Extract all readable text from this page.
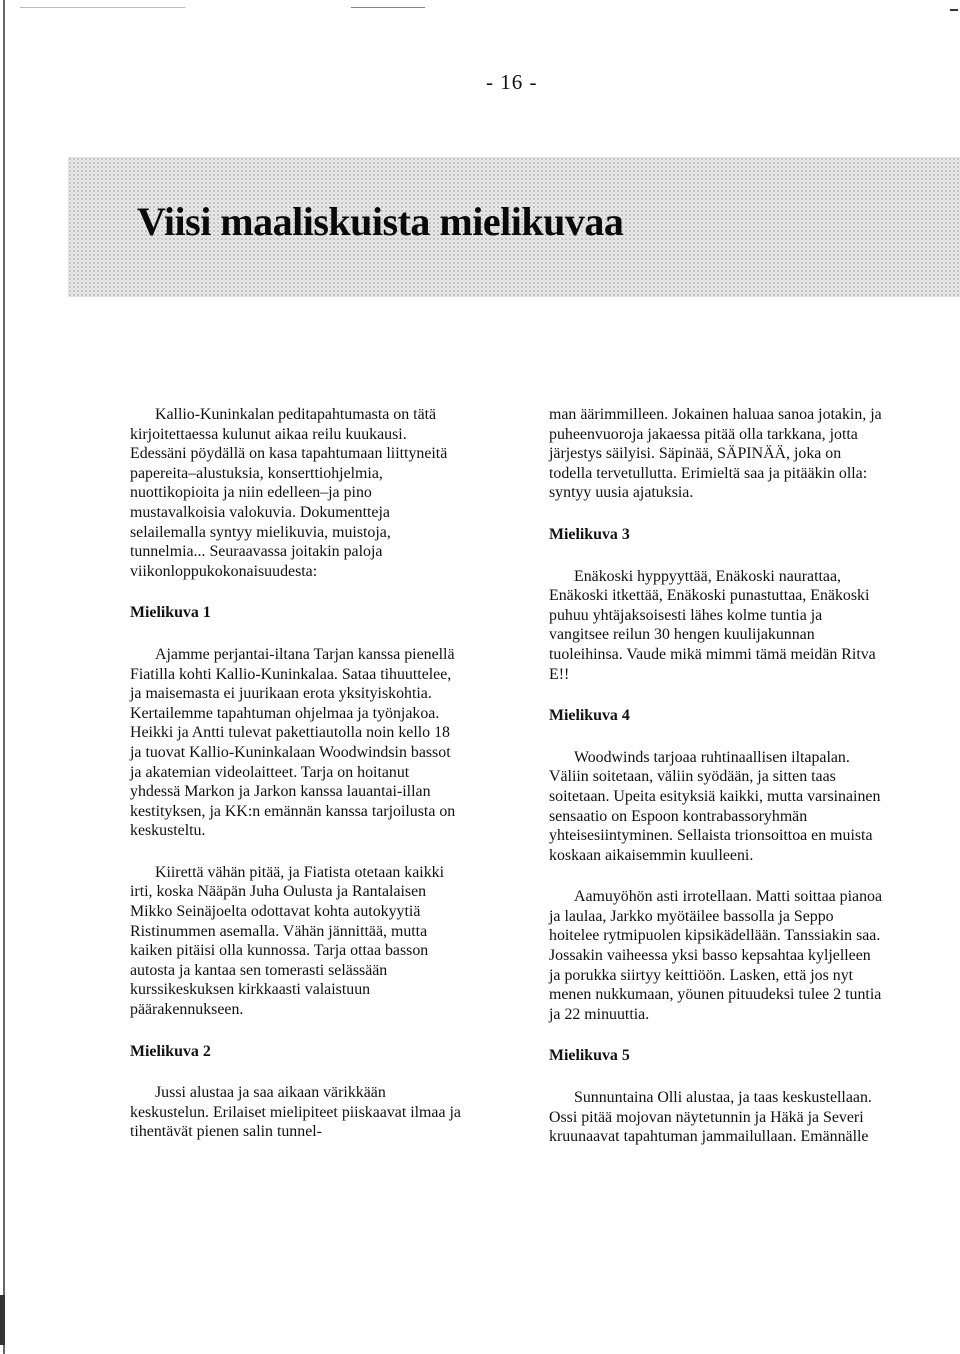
- 16 -
Viisi maaliskuista mielikuvaa

Kallio-Kuninkalan peditapahtumasta on tätä kirjoitettaessa kulunut aikaa reilu kuukausi. Edessäni pöydällä on kasa tapahtumaan liittyneitä papereita–alustuksia, konserttiohjelmia, nuottikopioita ja niin edelleen–ja pino mustavalkoisia valokuvia. Dokumentteja selailemalla syntyy mielikuvia, muistoja, tunnelmia... Seuraavassa joitakin paloja viikonloppukokonaisuudesta:

Mielikuva 1

Ajamme perjantai-iltana Tarjan kanssa pienellä Fiatilla kohti Kallio-Kuninkalaa. Sataa tihuuttelee, ja maisemasta ei juurikaan erota yksityiskohtia. Kertailemme tapahtuman ohjelmaa ja työnjakoa. Heikki ja Antti tulevat pakettiautolla noin kello 18 ja tuovat Kallio-Kuninkalaan Woodwindsin bassot ja akatemian videolaitteet. Tarja on hoitanut yhdessä Markon ja Jarkon kanssa lauantai-illan kestityksen, ja KK:n emännän kanssa tarjoilusta on keskusteltu.

Kiirettä vähän pitää, ja Fiatista otetaan kaikki irti, koska Nääpän Juha Oulusta ja Rantalaisen Mikko Seinäjoelta odottavat kohta autokyytiä Ristinummen asemalla. Vähän jännittää, mutta kaiken pitäisi olla kunnossa. Tarja ottaa basson autosta ja kantaa sen tomerasti selässään kurssikeskuksen kirkkaasti valaistuun päärakennukseen.

Mielikuva 2

Jussi alustaa ja saa aikaan värikkään keskustelun. Erilaiset mielipiteet piiskaavat ilmaa ja tihentävät pienen salin tunnel-

man äärimmilleen. Jokainen haluaa sanoa jotakin, ja puheenvuoroja jakaessa pitää olla tarkkana, jotta järjestys säilyisi. Säpinää, SÄPINÄÄ, joka on todella tervetullutta. Erimieltä saa ja pitääkin olla: syntyy uusia ajatuksia.

Mielikuva 3

Enäkoski hyppyyttää, Enäkoski naurattaa, Enäkoski itkettää, Enäkoski punastuttaa, Enäkoski puhuu yhtäjaksoisesti lähes kolme tuntia ja vangitsee reilun 30 hengen kuulijakunnan tuoleihinsa. Vaude mikä mimmi tämä meidän Ritva E!!

Mielikuva 4

Woodwinds tarjoaa ruhtinaallisen iltapalan. Väliin soitetaan, väliin syödään, ja sitten taas soitetaan. Upeita esityksiä kaikki, mutta varsinainen sensaatio on Espoon kontrabassoryhmän yhteisesiintyminen. Sellaista trionsoittoa en muista koskaan aikaisemmin kuulleeni.

Aamuyöhön asti irrotellaan. Matti soittaa pianoa ja laulaa, Jarkko myötäilee bassolla ja Seppo hoitelee rytmipuolen kipsikädellään. Tanssiakin saa. Jossakin vaiheessa yksi basso kepsahtaa kyljelleen ja porukka siirtyy keittiöön. Lasken, että jos nyt menen nukkumaan, yöunen pituudeksi tulee 2 tuntia ja 22 minuuttia.

Mielikuva 5

Sunnuntaina Olli alustaa, ja taas keskustellaan. Ossi pitää mojovan näytetunnin ja Häkä ja Severi kruunaavat tapahtuman jammailullaan. Emännälle
